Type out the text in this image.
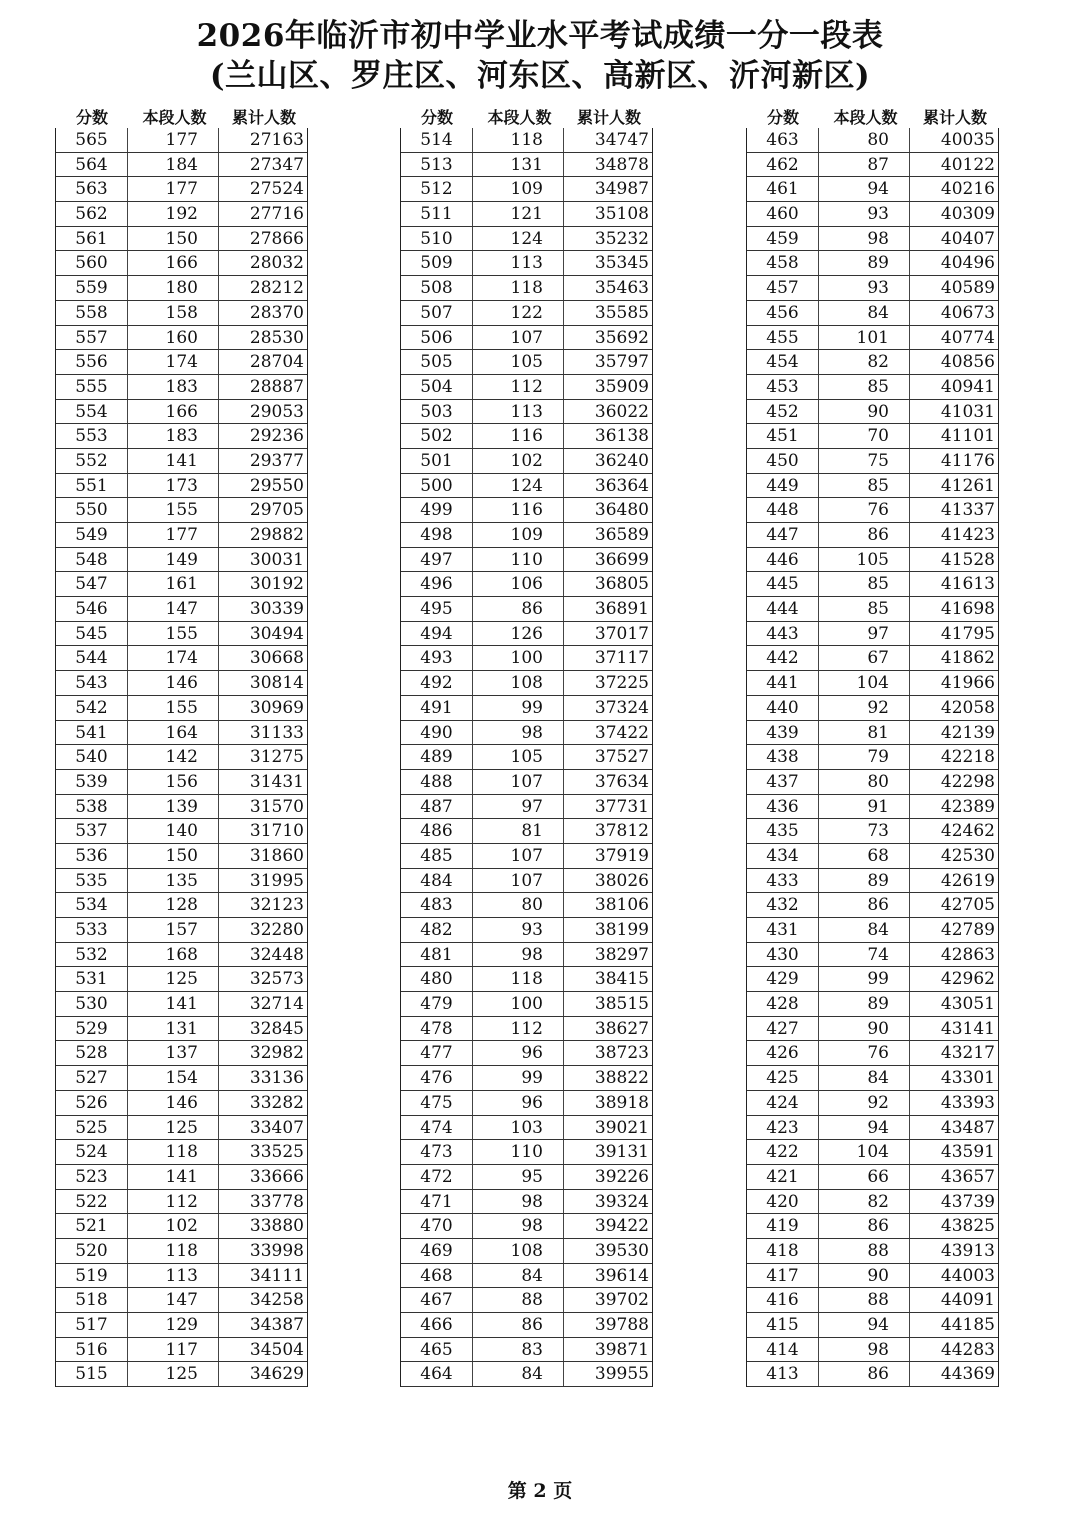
2026年临沂市初中学业水平考试成绩一分一段表
(兰山区、罗庄区、河东区、高新区、沂河新区)
分数	本段人数	累计人数
565	177	27163
564	184	27347
563	177	27524
562	192	27716
561	150	27866
560	166	28032
559	180	28212
558	158	28370
557	160	28530
556	174	28704
555	183	28887
554	166	29053
553	183	29236
552	141	29377
551	173	29550
550	155	29705
549	177	29882
548	149	30031
547	161	30192
546	147	30339
545	155	30494
544	174	30668
543	146	30814
542	155	30969
541	164	31133
540	142	31275
539	156	31431
538	139	31570
537	140	31710
536	150	31860
535	135	31995
534	128	32123
533	157	32280
532	168	32448
531	125	32573
530	141	32714
529	131	32845
528	137	32982
527	154	33136
526	146	33282
525	125	33407
524	118	33525
523	141	33666
522	112	33778
521	102	33880
520	118	33998
519	113	34111
518	147	34258
517	129	34387
516	117	34504
515	125	34629
分数	本段人数	累计人数
514	118	34747
513	131	34878
512	109	34987
511	121	35108
510	124	35232
509	113	35345
508	118	35463
507	122	35585
506	107	35692
505	105	35797
504	112	35909
503	113	36022
502	116	36138
501	102	36240
500	124	36364
499	116	36480
498	109	36589
497	110	36699
496	106	36805
495	86	36891
494	126	37017
493	100	37117
492	108	37225
491	99	37324
490	98	37422
489	105	37527
488	107	37634
487	97	37731
486	81	37812
485	107	37919
484	107	38026
483	80	38106
482	93	38199
481	98	38297
480	118	38415
479	100	38515
478	112	38627
477	96	38723
476	99	38822
475	96	38918
474	103	39021
473	110	39131
472	95	39226
471	98	39324
470	98	39422
469	108	39530
468	84	39614
467	88	39702
466	86	39788
465	83	39871
464	84	39955
分数	本段人数	累计人数
463	80	40035
462	87	40122
461	94	40216
460	93	40309
459	98	40407
458	89	40496
457	93	40589
456	84	40673
455	101	40774
454	82	40856
453	85	40941
452	90	41031
451	70	41101
450	75	41176
449	85	41261
448	76	41337
447	86	41423
446	105	41528
445	85	41613
444	85	41698
443	97	41795
442	67	41862
441	104	41966
440	92	42058
439	81	42139
438	79	42218
437	80	42298
436	91	42389
435	73	42462
434	68	42530
433	89	42619
432	86	42705
431	84	42789
430	74	42863
429	99	42962
428	89	43051
427	90	43141
426	76	43217
425	84	43301
424	92	43393
423	94	43487
422	104	43591
421	66	43657
420	82	43739
419	86	43825
418	88	43913
417	90	44003
416	88	44091
415	94	44185
414	98	44283
413	86	44369
第 2 页
